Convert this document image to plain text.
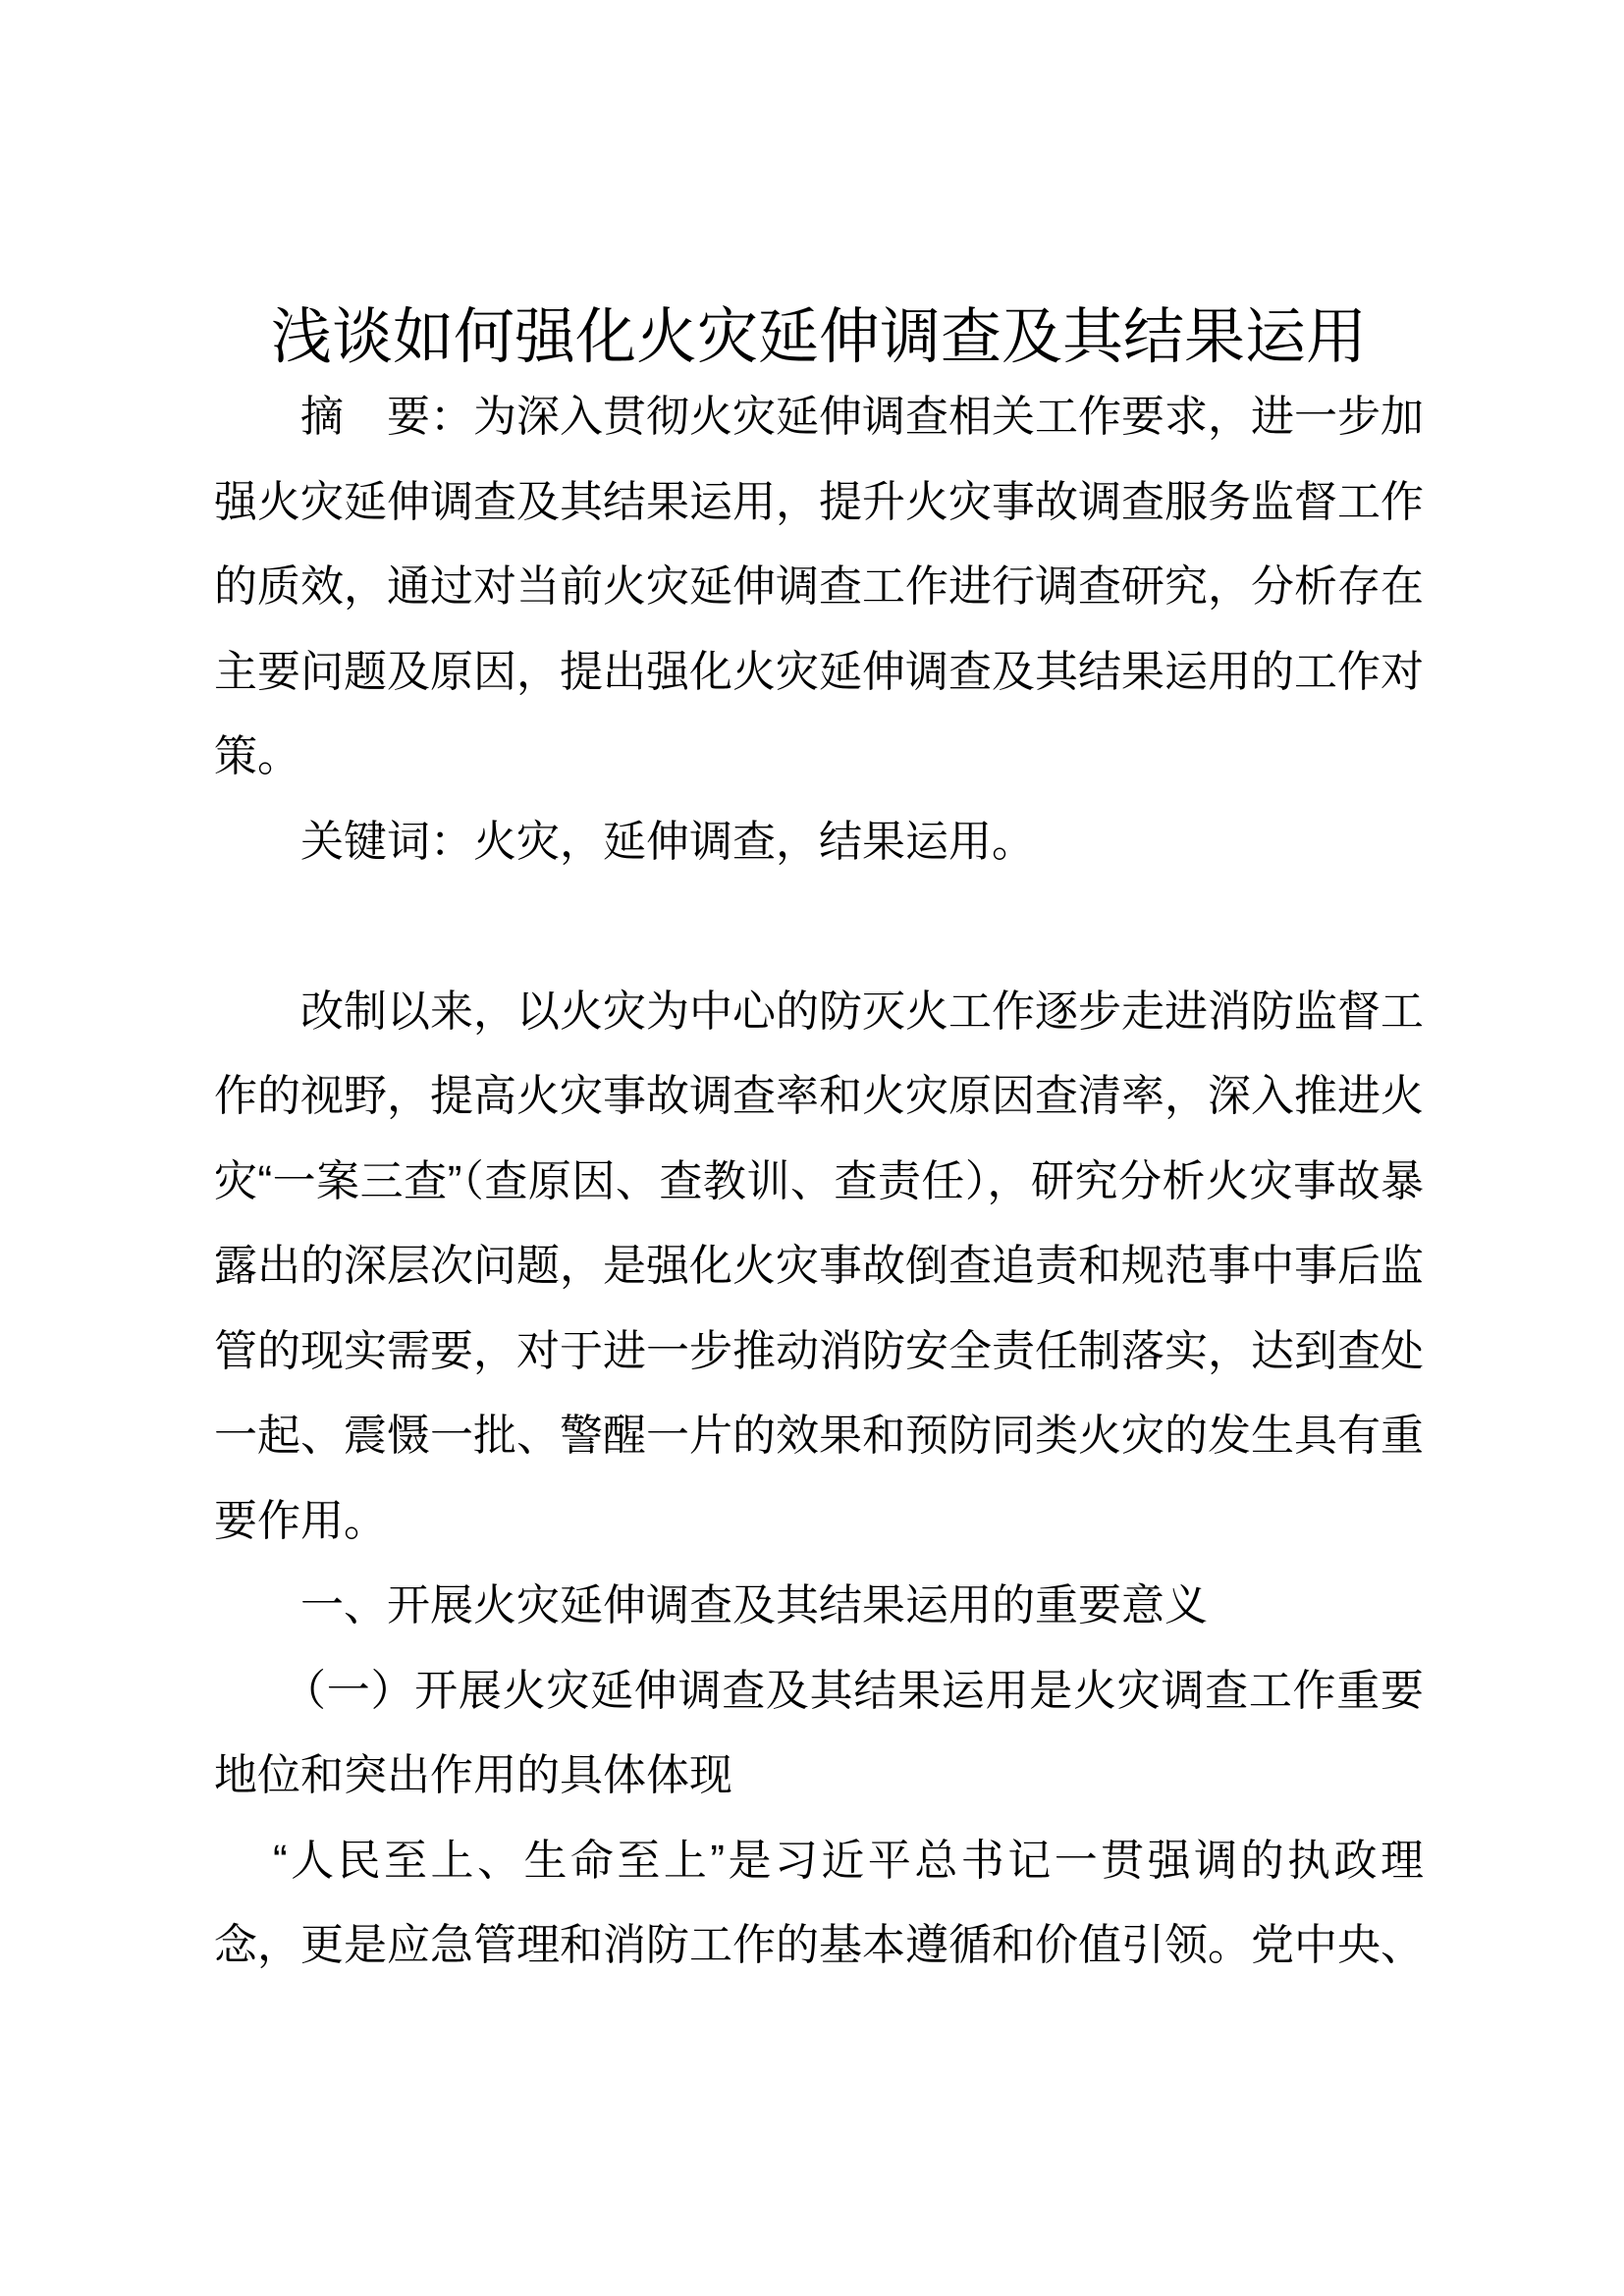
浅谈如何强化火灾延伸调查及其结果运用

摘　要：为深入贯彻火灾延伸调查相关工作要求，进一步加强火灾延伸调查及其结果运用，提升火灾事故调查服务监督工作的质效，通过对当前火灾延伸调查工作进行调查研究，分析存在主要问题及原因，提出强化火灾延伸调查及其结果运用的工作对策。

关键词：火灾，延伸调查，结果运用。

改制以来，以火灾为中心的防灭火工作逐步走进消防监督工作的视野，提高火灾事故调查率和火灾原因查清率，深入推进火灾“一案三查”（查原因、查教训、查责任），研究分析火灾事故暴露出的深层次问题，是强化火灾事故倒查追责和规范事中事后监管的现实需要，对于进一步推动消防安全责任制落实，达到查处一起、震慑一批、警醒一片的效果和预防同类火灾的发生具有重要作用。

一、开展火灾延伸调查及其结果运用的重要意义

（一）开展火灾延伸调查及其结果运用是火灾调查工作重要地位和突出作用的具体体现

“人民至上、生命至上”是习近平总书记一贯强调的执政理念，更是应急管理和消防工作的基本遵循和价值引领。党中央、
